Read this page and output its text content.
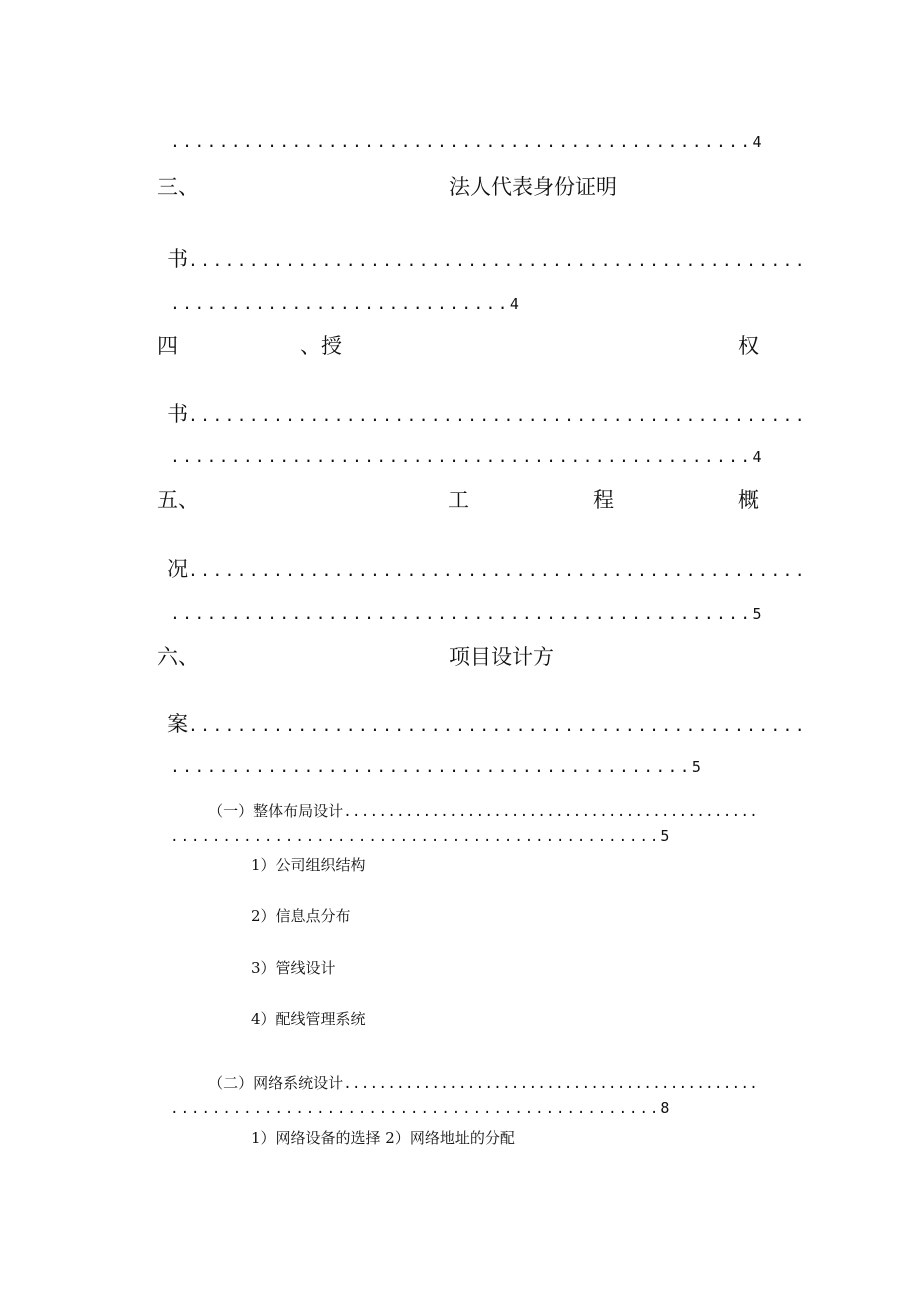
................................................4

三、	法人代表身份证明

书...................................................

............................4

四	、授	权

书...................................................

................................................4

五、	工	程	概

况...................................................

................................................5

六、	项目设计方

案...................................................

...........................................5

（一）整体布局设计...............................................

...............................................5

1）公司组织结构
2）信息点分布
3）管线设计
4）配线管理系统

（二）网络系统设计...............................................

...............................................8

1）网络设备的选择 2）网络地址的分配
